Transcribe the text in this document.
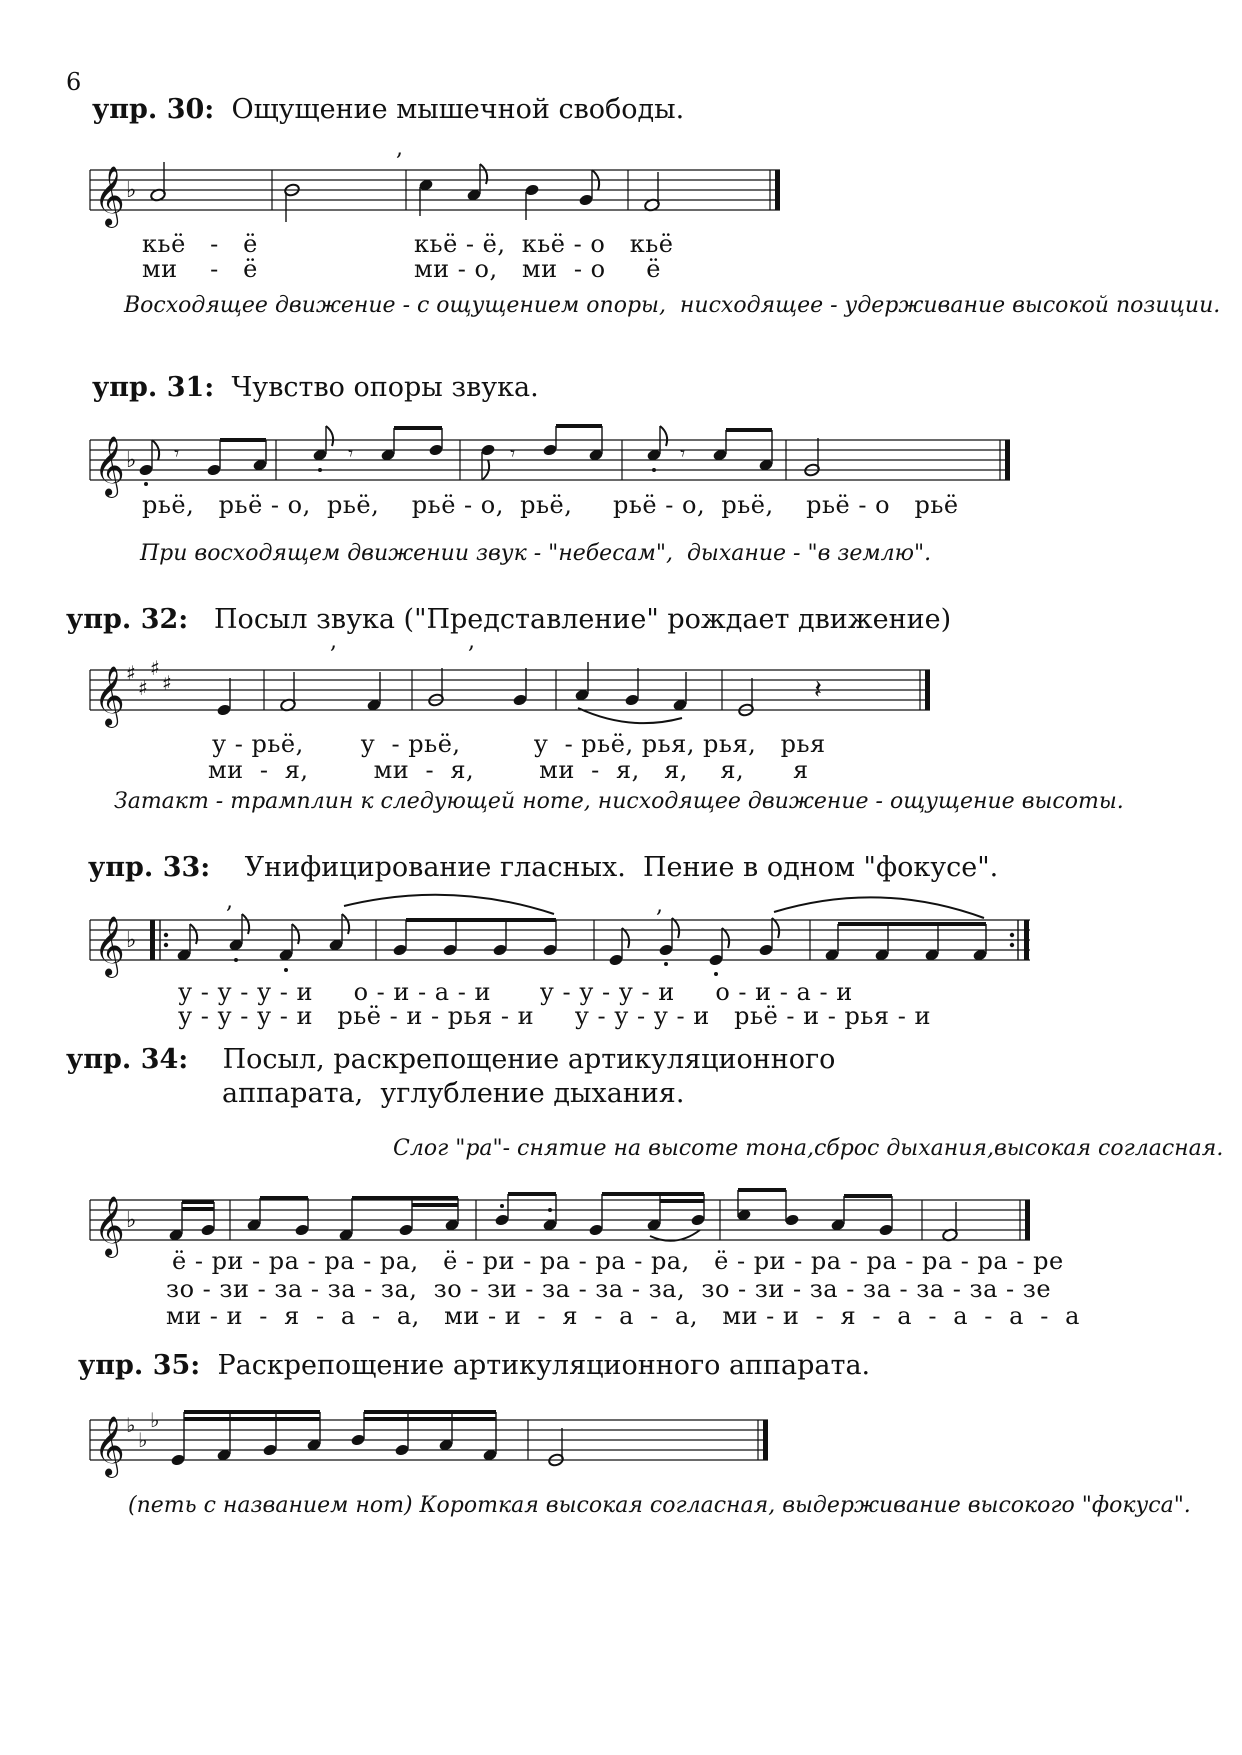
6
упр. 30: Ощущение мышечной свободы.
𝄞 ♭
,
кьё   -   ё	кьё - ё,  кьё - о   кьё
ми    -   ё	ми - о,   ми  - о     ё
Восходящее движение - с ощущением опоры,  нисходящее - удерживание высокой позиции.
упр. 31: Чувство опоры звука.
𝄞 ♭ 𝄾	𝄾	𝄾	𝄾
рьё,   рьё - о,  рьё,    рьё - о,  рьё,     рьё - о,  рьё,    рьё - о   рьё
При восходящем движении звук - "небесам",  дыхание - "в землю".
упр. 32: Посыл звука ("Представление" рождает движение)
𝄞 ♯
♯
♯
♯
,	,
𝄽
у - рьё,       у  - рьё,         у  - рьё, рья, рья,   рья
ми  -  я,        ми  -  я,        ми  -  я,   я,    я,      я
Затакт - трамплин к следующей ноте, нисходящее движение - ощущение высоты.
упр. 33: Унифицирование гласных.  Пение в одном "фокусе".
𝄞 ♭
,	,
у - у - у - и     о - и - а - и      у - у - у - и     о - и - а - и
у - у - у - и   рьё - и - рья - и     у - у - у - и   рьё - и - рья - и
упр. 34: Посыл, раскрепощение артикуляционного
аппарата,  углубление дыхания.
Слог "ра"- снятие на высоте тона,сброс дыхания,высокая согласная.
𝄞 ♭
ё - ри - ра - ра - ра,   ё - ри - ра - ра - ра,   ё - ри - ра - ра - ра - ра - ре
зо - зи - за - за - за,  зо - зи - за - за - за,  зо - зи - за - за - за - за - зе
ми - и  -  я  -  а  -  а,   ми - и  -  я  -  а  -  а,   ми - и  -  я  -  а  -  а  -  а  -  а
упр. 35: Раскрепощение артикуляционного аппарата.
𝄞 ♭
♭
♭
(петь с названием нот) Короткая высокая согласная, выдерживание высокого "фокуса".
